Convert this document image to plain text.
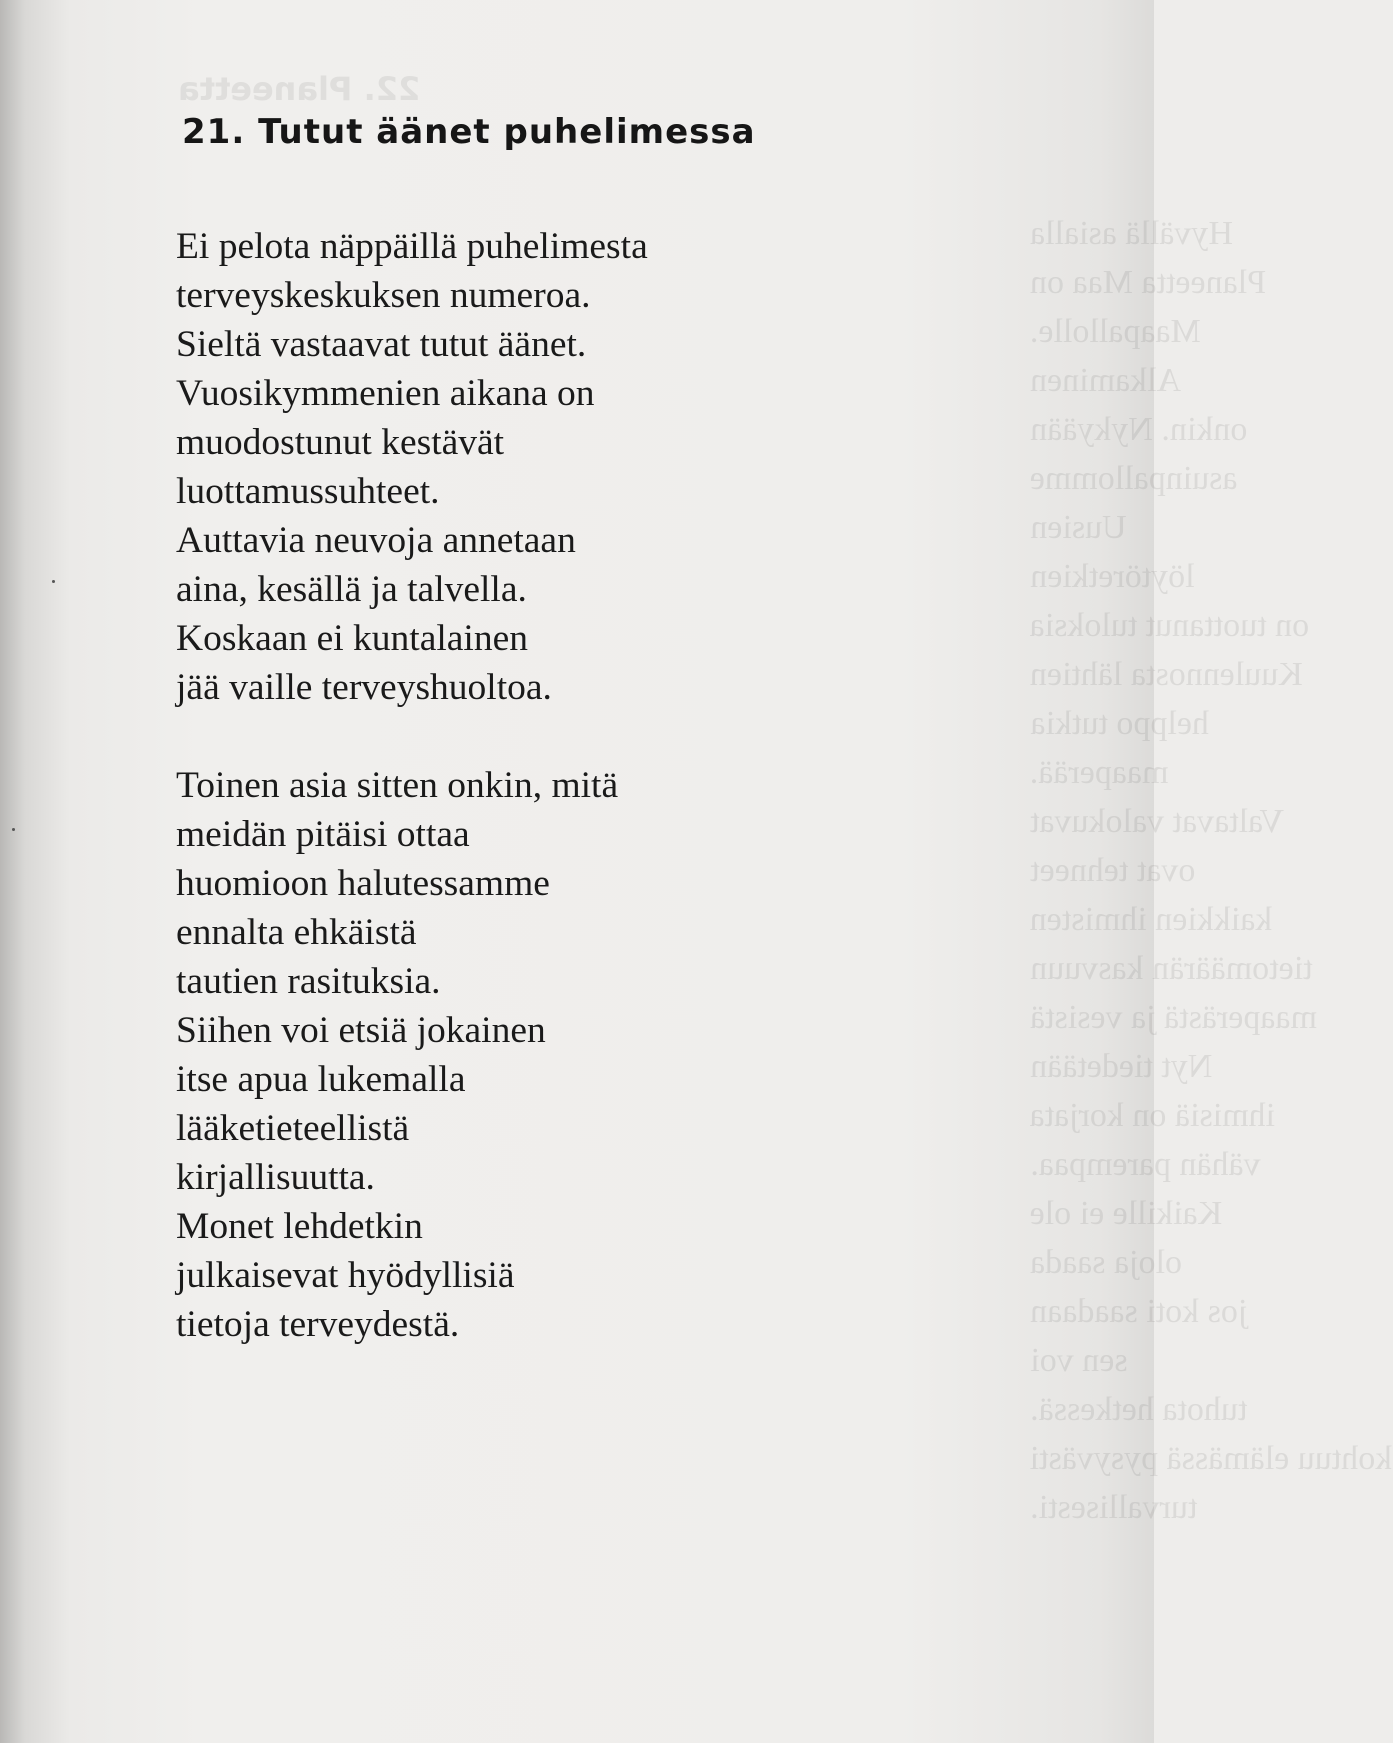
22. Planeetta
Hyvällä asialla
Planeetta Maa on
Maapallolle.
Alkaminen
onkin. Nykyään
asuinpallomme
Uusien
löytöretkien
on tuottanut tuloksia
Kuulennosta lähtien
helppo tutkia
maaperää.
Valtavat valokuvat
ovat tehneet
kaikkien ihmisten
tietomäärän kasvuun
maaperästä ja vesistä
Nyt tiedetään
ihmisiä on korjata
vähän parempaa.
Kaikille ei ole
oloja saada
jos koti saadaan
sen voi
tuhota hetkessä.
kohtuu elämässä pysyvästi
turvallisesti.
21. Tutut äänet puhelimessa

Ei pelota näppäillä puhelimesta
terveyskeskuksen numeroa.
Sieltä vastaavat tutut äänet.
Vuosikymmenien aikana on
muodostunut kestävät
luottamussuhteet.
Auttavia neuvoja annetaan
aina, kesällä ja talvella.
Koskaan ei kuntalainen
jää vaille terveyshuoltoa.

Toinen asia sitten onkin, mitä
meidän pitäisi ottaa
huomioon halutessamme
ennalta ehkäistä
tautien rasituksia.
Siihen voi etsiä jokainen
itse apua lukemalla
lääketieteellistä
kirjallisuutta.
Monet lehdetkin
julkaisevat hyödyllisiä
tietoja terveydestä.
